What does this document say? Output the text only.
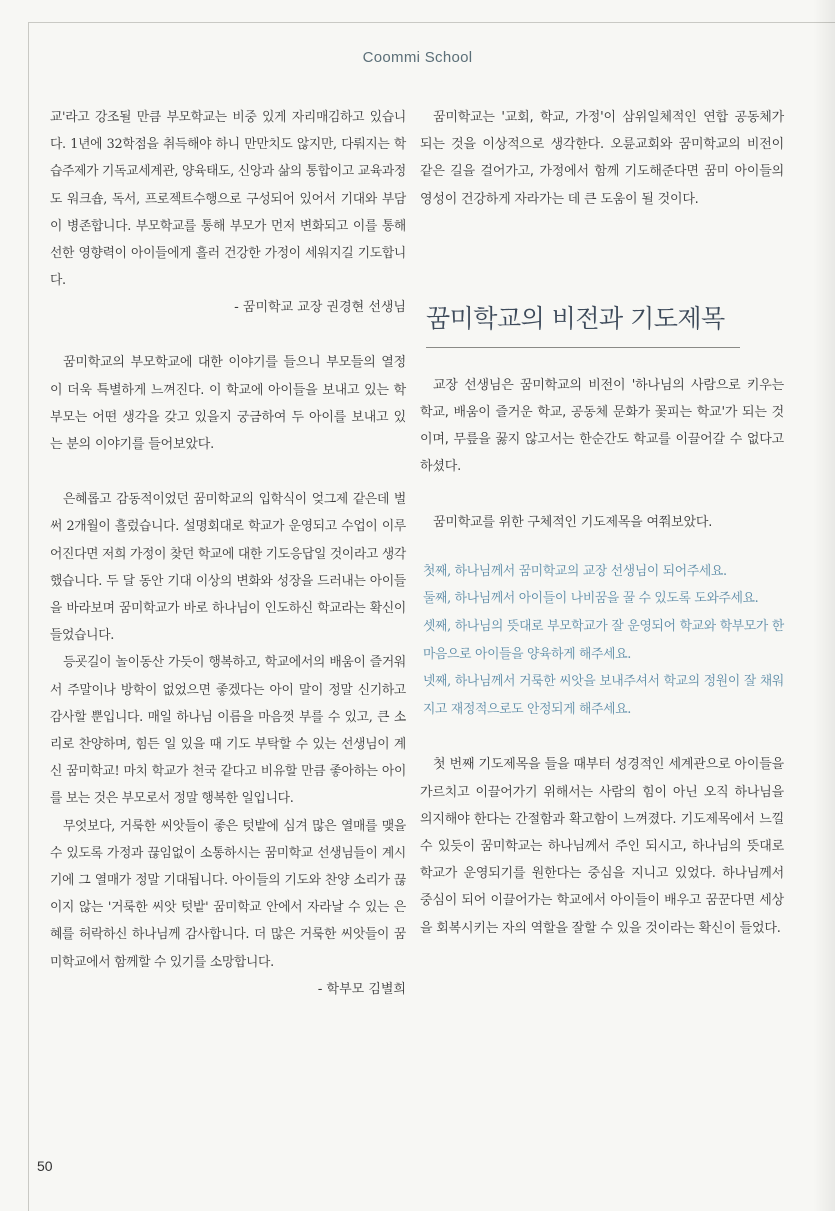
Coommi School

교'라고 강조될 만큼 부모학교는 비중 있게 자리매김하고 있습니다. 1년에 32학점을 취득해야 하니 만만치도 않지만, 다뤄지는 학습주제가 기독교세계관, 양육태도, 신앙과 삶의 통합이고 교육과정도 워크숍, 독서, 프로젝트수행으로 구성되어 있어서 기대와 부담이 병존합니다. 부모학교를 통해 부모가 먼저 변화되고 이를 통해 선한 영향력이 아이들에게 흘러 건강한 가정이 세워지길 기도합니다.

- 꿈미학교 교장 권경현 선생님

꿈미학교의 부모학교에 대한 이야기를 들으니 부모들의 열정이 더욱 특별하게 느껴진다. 이 학교에 아이들을 보내고 있는 학부모는 어떤 생각을 갖고 있을지 궁금하여 두 아이를 보내고 있는 분의 이야기를 들어보았다.

은혜롭고 감동적이었던 꿈미학교의 입학식이 엊그제 같은데 벌써 2개월이 흘렀습니다. 설명회대로 학교가 운영되고 수업이 이루어진다면 저희 가정이 찾던 학교에 대한 기도응답일 것이라고 생각했습니다. 두 달 동안 기대 이상의 변화와 성장을 드러내는 아이들을 바라보며 꿈미학교가 바로 하나님이 인도하신 학교라는 확신이 들었습니다.

등굣길이 놀이동산 가듯이 행복하고, 학교에서의 배움이 즐거워서 주말이나 방학이 없었으면 좋겠다는 아이 말이 정말 신기하고 감사할 뿐입니다. 매일 하나님 이름을 마음껏 부를 수 있고, 큰 소리로 찬양하며, 힘든 일 있을 때 기도 부탁할 수 있는 선생님이 계신 꿈미학교! 마치 학교가 천국 같다고 비유할 만큼 좋아하는 아이를 보는 것은 부모로서 정말 행복한 일입니다.

무엇보다, 거룩한 씨앗들이 좋은 텃밭에 심겨 많은 열매를 맺을 수 있도록 가정과 끊임없이 소통하시는 꿈미학교 선생님들이 계시기에 그 열매가 정말 기대됩니다. 아이들의 기도와 찬양 소리가 끊이지 않는 '거룩한 씨앗 텃밭' 꿈미학교 안에서 자라날 수 있는 은혜를 허락하신 하나님께 감사합니다. 더 많은 거룩한 씨앗들이 꿈미학교에서 함께할 수 있기를 소망합니다.

- 학부모 김별희

꿈미학교는 '교회, 학교, 가정'이 삼위일체적인 연합 공동체가 되는 것을 이상적으로 생각한다. 오륜교회와 꿈미학교의 비전이 같은 길을 걸어가고, 가정에서 함께 기도해준다면 꿈미 아이들의 영성이 건강하게 자라가는 데 큰 도움이 될 것이다.

꿈미학교의 비전과 기도제목

교장 선생님은 꿈미학교의 비전이 '하나님의 사람으로 키우는 학교, 배움이 즐거운 학교, 공동체 문화가 꽃피는 학교'가 되는 것이며, 무릎을 꿇지 않고서는 한순간도 학교를 이끌어갈 수 없다고 하셨다.

꿈미학교를 위한 구체적인 기도제목을 여쭤보았다.

첫째, 하나님께서 꿈미학교의 교장 선생님이 되어주세요.

둘째, 하나님께서 아이들이 나비꿈을 꿀 수 있도록 도와주세요.

셋째, 하나님의 뜻대로 부모학교가 잘 운영되어 학교와 학부모가 한마음으로 아이들을 양육하게 해주세요.

넷째, 하나님께서 거룩한 씨앗을 보내주셔서 학교의 정원이 잘 채워지고 재정적으로도 안정되게 해주세요.

첫 번째 기도제목을 들을 때부터 성경적인 세계관으로 아이들을 가르치고 이끌어가기 위해서는 사람의 힘이 아닌 오직 하나님을 의지해야 한다는 간절함과 확고함이 느껴졌다. 기도제목에서 느낄 수 있듯이 꿈미학교는 하나님께서 주인 되시고, 하나님의 뜻대로 학교가 운영되기를 원한다는 중심을 지니고 있었다. 하나님께서 중심이 되어 이끌어가는 학교에서 아이들이 배우고 꿈꾼다면 세상을 회복시키는 자의 역할을 잘할 수 있을 것이라는 확신이 들었다.

50
